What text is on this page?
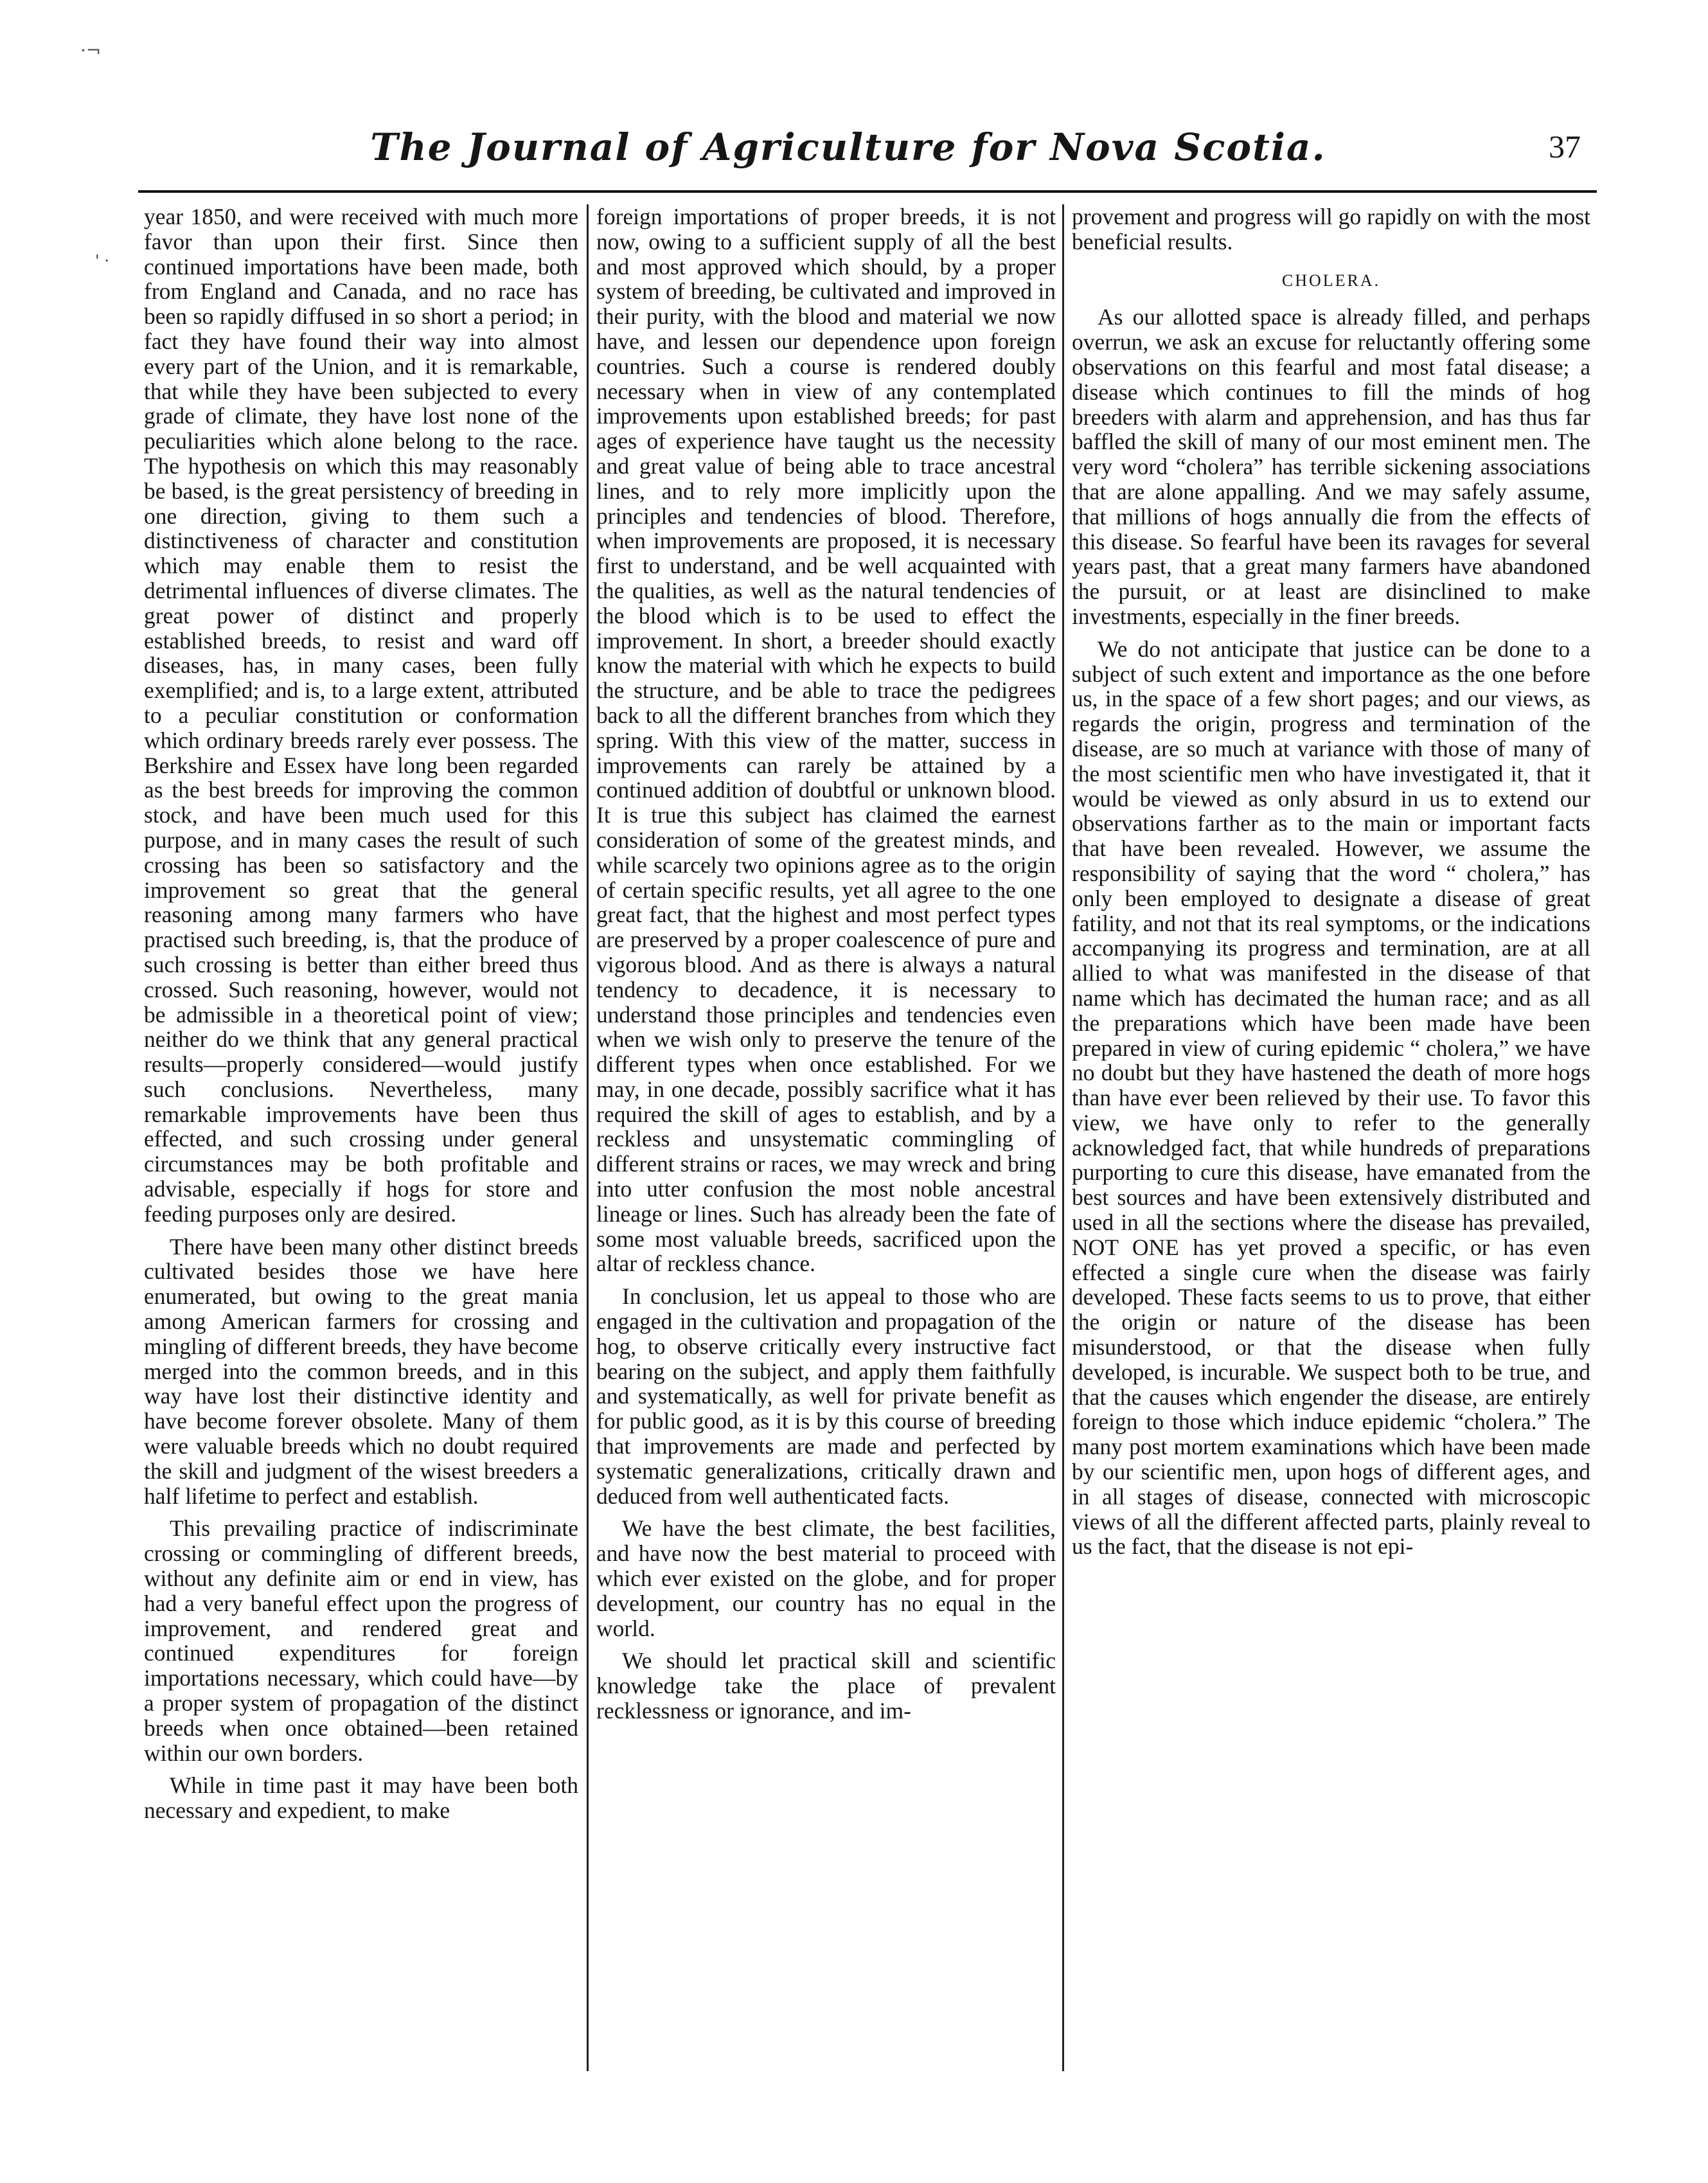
·¬
' ·
The Journal of Agriculture for Nova Scotia.	37

year 1850, and were received with much more favor than upon their first. Since then continued importations have been made, both from England and Canada, and no race has been so rapidly diffused in so short a period; in fact they have found their way into almost every part of the Union, and it is remarkable, that while they have been subjected to every grade of climate, they have lost none of the peculiarities which alone belong to the race. The hypothesis on which this may reasonably be based, is the great persistency of breeding in one direction, giving to them such a distinctiveness of character and constitution which may enable them to resist the detrimental influences of diverse climates. The great power of distinct and properly established breeds, to resist and ward off diseases, has, in many cases, been fully exemplified; and is, to a large extent, attributed to a peculiar constitution or conformation which ordinary breeds rarely ever possess. The Berkshire and Essex have long been regarded as the best breeds for improving the common stock, and have been much used for this purpose, and in many cases the result of such crossing has been so satisfactory and the improvement so great that the general reasoning among many farmers who have practised such breeding, is, that the produce of such crossing is better than either breed thus crossed. Such reasoning, however, would not be admissible in a theoretical point of view; neither do we think that any general practical results—properly considered—would justify such conclusions. Nevertheless, many remarkable improvements have been thus effected, and such crossing under general circumstances may be both profitable and advisable, especially if hogs for store and feeding purposes only are desired.

There have been many other distinct breeds cultivated besides those we have here enumerated, but owing to the great mania among American farmers for crossing and mingling of different breeds, they have become merged into the common breeds, and in this way have lost their distinctive identity and have become forever obsolete. Many of them were valuable breeds which no doubt required the skill and judgment of the wisest breeders a half lifetime to perfect and establish.

This prevailing practice of indiscriminate crossing or commingling of different breeds, without any definite aim or end in view, has had a very baneful effect upon the progress of improvement, and rendered great and continued expenditures for foreign importations necessary, which could have—by a proper system of propagation of the distinct breeds when once obtained—been retained within our own borders.

While in time past it may have been both necessary and expedient, to make

foreign importations of proper breeds, it is not now, owing to a sufficient supply of all the best and most approved which should, by a proper system of breeding, be cultivated and improved in their purity, with the blood and material we now have, and lessen our dependence upon foreign countries. Such a course is rendered doubly necessary when in view of any contemplated improvements upon established breeds; for past ages of experience have taught us the necessity and great value of being able to trace ancestral lines, and to rely more implicitly upon the principles and tendencies of blood. Therefore, when improvements are proposed, it is necessary first to understand, and be well acquainted with the qualities, as well as the natural tendencies of the blood which is to be used to effect the improvement. In short, a breeder should exactly know the material with which he expects to build the structure, and be able to trace the pedigrees back to all the different branches from which they spring. With this view of the matter, success in improvements can rarely be attained by a continued addition of doubtful or unknown blood. It is true this subject has claimed the earnest consideration of some of the greatest minds, and while scarcely two opinions agree as to the origin of certain specific results, yet all agree to the one great fact, that the highest and most perfect types are preserved by a proper coalescence of pure and vigorous blood. And as there is always a natural tendency to decadence, it is necessary to understand those principles and tendencies even when we wish only to preserve the tenure of the different types when once established. For we may, in one decade, possibly sacrifice what it has required the skill of ages to establish, and by a reckless and unsystematic commingling of different strains or races, we may wreck and bring into utter confusion the most noble ancestral lineage or lines. Such has already been the fate of some most valuable breeds, sacrificed upon the altar of reckless chance.

In conclusion, let us appeal to those who are engaged in the cultivation and propagation of the hog, to observe critically every instructive fact bearing on the subject, and apply them faithfully and systematically, as well for private benefit as for public good, as it is by this course of breeding that improvements are made and perfected by systematic generalizations, critically drawn and deduced from well authenticated facts.

We have the best climate, the best facilities, and have now the best material to proceed with which ever existed on the globe, and for proper development, our country has no equal in the world.

We should let practical skill and scientific knowledge take the place of prevalent recklessness or ignorance, and im-

provement and progress will go rapidly on with the most beneficial results.

CHOLERA.

As our allotted space is already filled, and perhaps overrun, we ask an excuse for reluctantly offering some observations on this fearful and most fatal disease; a disease which continues to fill the minds of hog breeders with alarm and apprehension, and has thus far baffled the skill of many of our most eminent men. The very word “cholera” has terrible sickening associations that are alone appalling. And we may safely assume, that millions of hogs annually die from the effects of this disease. So fearful have been its ravages for several years past, that a great many farmers have abandoned the pursuit, or at least are disinclined to make investments, especially in the finer breeds.

We do not anticipate that justice can be done to a subject of such extent and importance as the one before us, in the space of a few short pages; and our views, as regards the origin, progress and termination of the disease, are so much at variance with those of many of the most scientific men who have investigated it, that it would be viewed as only absurd in us to extend our observations farther as to the main or important facts that have been revealed. However, we assume the responsibility of saying that the word “ cholera,” has only been employed to designate a disease of great fatility, and not that its real symptoms, or the indications accompanying its progress and termination, are at all allied to what was manifested in the disease of that name which has decimated the human race; and as all the preparations which have been made have been prepared in view of curing epidemic “ cholera,” we have no doubt but they have hastened the death of more hogs than have ever been relieved by their use. To favor this view, we have only to refer to the generally acknowledged fact, that while hundreds of preparations purporting to cure this disease, have emanated from the best sources and have been extensively distributed and used in all the sections where the disease has prevailed, NOT ONE has yet proved a specific, or has even effected a single cure when the disease was fairly developed. These facts seems to us to prove, that either the origin or nature of the disease has been misunderstood, or that the disease when fully developed, is incurable. We suspect both to be true, and that the causes which engender the disease, are entirely foreign to those which induce epidemic “cholera.” The many post mortem examinations which have been made by our scientific men, upon hogs of different ages, and in all stages of disease, connected with microscopic views of all the different affected parts, plainly reveal to us the fact, that the disease is not epi-
